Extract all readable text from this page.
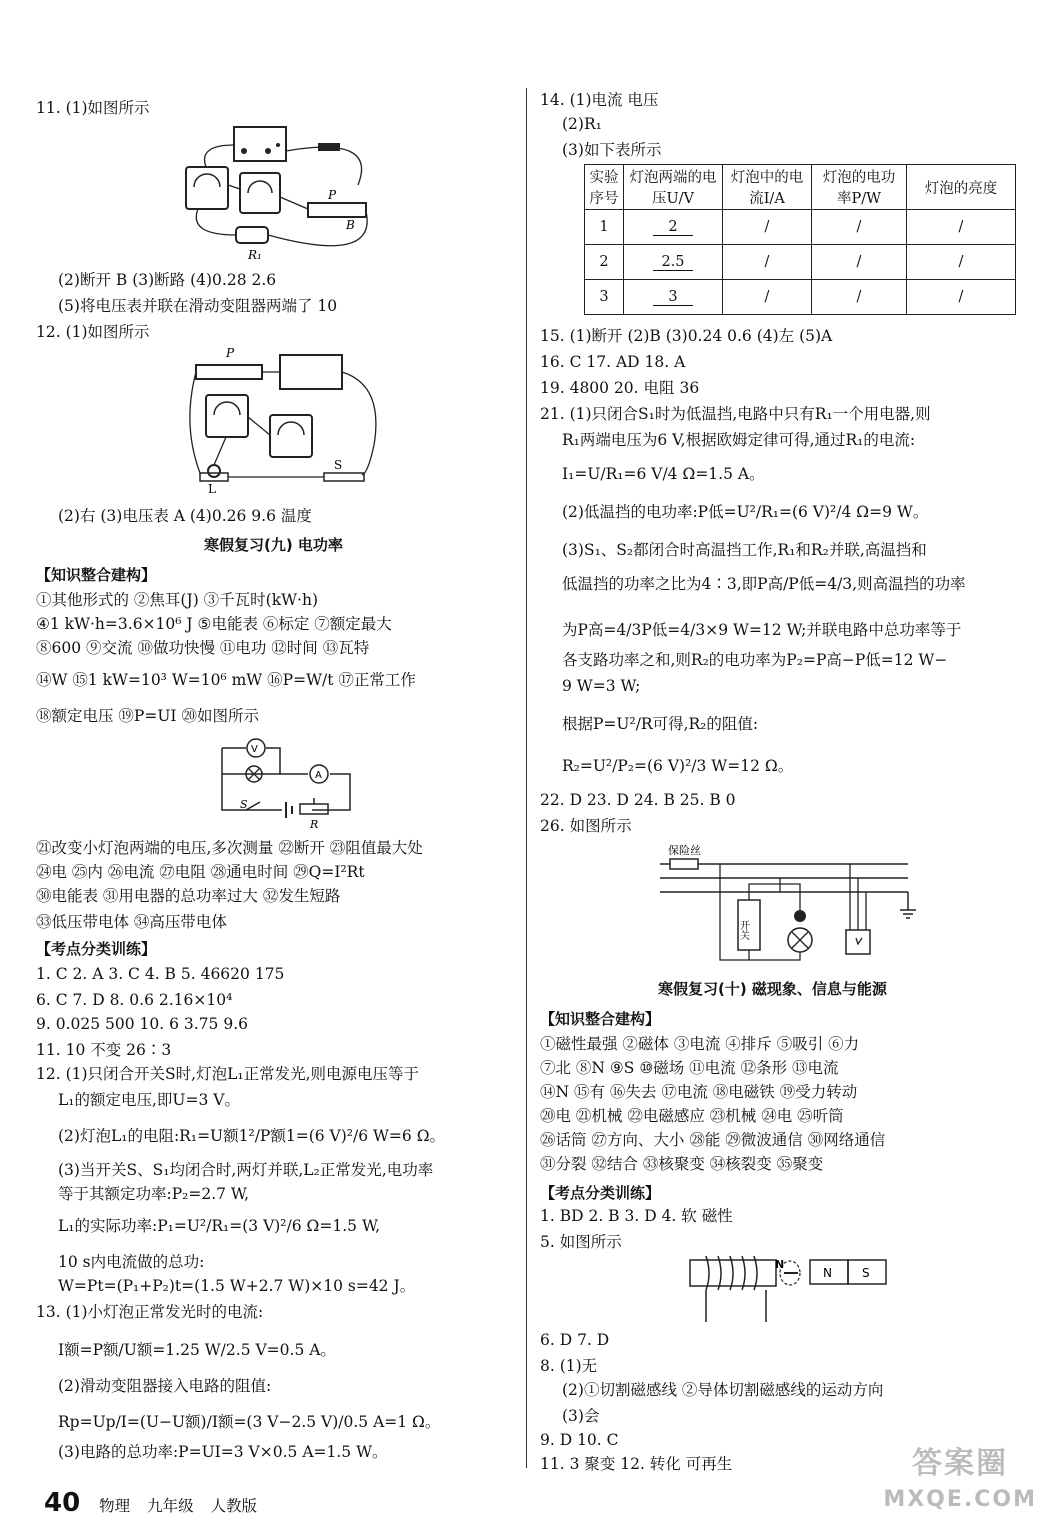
11. (1)如图所示
P
B
R₁
(2)断开 B (3)断路 (4)0.28 2.6
(5)将电压表并联在滑动变阻器两端了 10
12. (1)如图所示
P
L
S
(2)右 (3)电压表 A (4)0.26 9.6 温度
寒假复习(九) 电功率
【知识整合建构】
①其他形式的 ②焦耳(J) ③千瓦时(kW·h)
④1 kW·h=3.6×10⁶ J ⑤电能表 ⑥标定 ⑦额定最大
⑧600 ⑨交流 ⑩做功快慢 ⑪电功 ⑫时间 ⑬瓦特
⑭W ⑮1 kW=10³ W=10⁶ mW ⑯P=W/t ⑰正常工作
⑱额定电压 ⑲P=UI ⑳如图所示
V
A
S
R
㉑改变小灯泡两端的电压,多次测量 ㉒断开 ㉓阻值最大处
㉔电 ㉕内 ㉖电流 ㉗电阻 ㉘通电时间 ㉙Q=I²Rt
㉚电能表 ㉛用电器的总功率过大 ㉜发生短路
㉝低压带电体 ㉞高压带电体
【考点分类训练】
1. C 2. A 3. C 4. B 5. 46620 175
6. C 7. D 8. 0.6 2.16×10⁴
9. 0.025 500 10. 6 3.75 9.6
11. 10 不变 26∶3
12. (1)只闭合开关S时,灯泡L₁正常发光,则电源电压等于
L₁的额定电压,即U=3 V。
(2)灯泡L₁的电阻:R₁=U额1²/P额1=(6 V)²/6 W=6 Ω。
(3)当开关S、S₁均闭合时,两灯并联,L₂正常发光,电功率
等于其额定功率:P₂=2.7 W,
L₁的实际功率:P₁=U²/R₁=(3 V)²/6 Ω=1.5 W,
10 s内电流做的总功:
W=Pt=(P₁+P₂)t=(1.5 W+2.7 W)×10 s=42 J。
13. (1)小灯泡正常发光时的电流:
I额=P额/U额=1.25 W/2.5 V=0.5 A。
(2)滑动变阻器接入电路的阻值:
Rp=Up/I=(U−U额)/I额=(3 V−2.5 V)/0.5 A=1 Ω。
(3)电路的总功率:P=UI=3 V×0.5 A=1.5 W。
14. (1)电流 电压
(2)R₁
(3)如下表所示
实验序号	灯泡两端的电压U/V	灯泡中的电流I/A	灯泡的电功率P/W	灯泡的亮度
1	2	/	/	/
2	2.5	/	/	/
3	3	/	/	/
15. (1)断开 (2)B (3)0.24 0.6 (4)左 (5)A
16. C 17. AD 18. A
19. 4800 20. 电阻 36
21. (1)只闭合S₁时为低温挡,电路中只有R₁一个用电器,则
R₁两端电压为6 V,根据欧姆定律可得,通过R₁的电流:
I₁=U/R₁=6 V/4 Ω=1.5 A。
(2)低温挡的电功率:P低=U²/R₁=(6 V)²/4 Ω=9 W。
(3)S₁、S₂都闭合时高温挡工作,R₁和R₂并联,高温挡和
低温挡的功率之比为4∶3,即P高/P低=4/3,则高温挡的功率
为P高=4/3P低=4/3×9 W=12 W;并联电路中总功率等于
各支路功率之和,则R₂的电功率为P₂=P高−P低=12 W−
9 W=3 W;
根据P=U²/R可得,R₂的阻值:
R₂=U²/P₂=(6 V)²/3 W=12 Ω。
22. D 23. D 24. B 25. B 0
26. 如图所示
保险丝
开关
寒假复习(十) 磁现象、信息与能源
【知识整合建构】
①磁性最强 ②磁体 ③电流 ④排斥 ⑤吸引 ⑥力
⑦北 ⑧N ⑨S ⑩磁场 ⑪电流 ⑫条形 ⑬电流
⑭N ⑮有 ⑯失去 ⑰电流 ⑱电磁铁 ⑲受力转动
⑳电 ㉑机械 ㉒电磁感应 ㉓机械 ㉔电 ㉕听筒
㉖话筒 ㉗方向、大小 ㉘能 ㉙微波通信 ㉚网络通信
㉛分裂 ㉜结合 ㉝核聚变 ㉞核裂变 ㉟聚变
【考点分类训练】
1. BD 2. B 3. D 4. 软 磁性
5. 如图所示
N
N	S
6. D 7. D
8. (1)无
(2)①切割磁感线 ②导体切割磁感线的运动方向
(3)会
9. D 10. C
11. 3 聚变 12. 转化 可再生
40 物理 九年级 人教版
答案圈
MXQE.COM
